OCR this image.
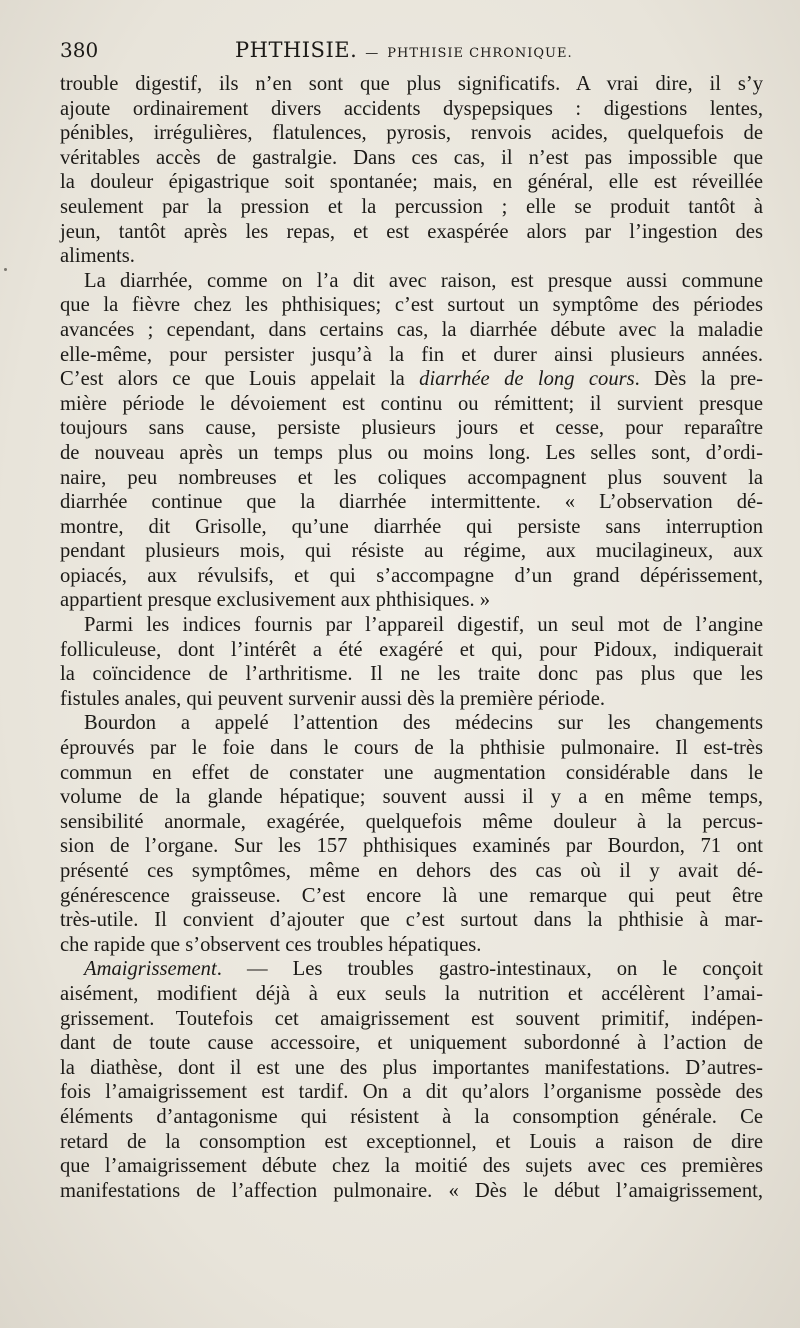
380	PHTHISIE. — PHTHISIE CHRONIQUE.
trouble digestif, ils n’en sont que plus significatifs. A vrai dire, il s’y
ajoute ordinairement divers accidents dyspepsiques : digestions lentes,
pénibles, irrégulières, flatulences, pyrosis, renvois acides, quelquefois de
véritables accès de gastralgie. Dans ces cas, il n’est pas impossible que
la douleur épigastrique soit spontanée; mais, en général, elle est réveillée
seulement par la pression et la percussion ; elle se produit tantôt à
jeun, tantôt après les repas, et est exaspérée alors par l’ingestion des
aliments.
La diarrhée, comme on l’a dit avec raison, est presque aussi commune
que la fièvre chez les phthisiques; c’est surtout un symptôme des périodes
avancées ; cependant, dans certains cas, la diarrhée débute avec la maladie
elle-même, pour persister jusqu’à la fin et durer ainsi plusieurs années.
C’est alors ce que Louis appelait la diarrhée de long cours. Dès la pre-
mière période le dévoiement est continu ou rémittent; il survient presque
toujours sans cause, persiste plusieurs jours et cesse, pour reparaître
de nouveau après un temps plus ou moins long. Les selles sont, d’ordi-
naire, peu nombreuses et les coliques accompagnent plus souvent la
diarrhée continue que la diarrhée intermittente. « L’observation dé-
montre, dit Grisolle, qu’une diarrhée qui persiste sans interruption
pendant plusieurs mois, qui résiste au régime, aux mucilagineux, aux
opiacés, aux révulsifs, et qui s’accompagne d’un grand dépérissement,
appartient presque exclusivement aux phthisiques. »
Parmi les indices fournis par l’appareil digestif, un seul mot de l’angine
folliculeuse, dont l’intérêt a été exagéré et qui, pour Pidoux, indiquerait
la coïncidence de l’arthritisme. Il ne les traite donc pas plus que les
fistules anales, qui peuvent survenir aussi dès la première période.
Bourdon a appelé l’attention des médecins sur les changements
éprouvés par le foie dans le cours de la phthisie pulmonaire. Il est-très
commun en effet de constater une augmentation considérable dans le
volume de la glande hépatique; souvent aussi il y a en même temps,
sensibilité anormale, exagérée, quelquefois même douleur à la percus-
sion de l’organe. Sur les 157 phthisiques examinés par Bourdon, 71 ont
présenté ces symptômes, même en dehors des cas où il y avait dé-
générescence graisseuse. C’est encore là une remarque qui peut être
très-utile. Il convient d’ajouter que c’est surtout dans la phthisie à mar-
che rapide que s’observent ces troubles hépatiques.
Amaigrissement. — Les troubles gastro-intestinaux, on le conçoit
aisément, modifient déjà à eux seuls la nutrition et accélèrent l’amai-
grissement. Toutefois cet amaigrissement est souvent primitif, indépen-
dant de toute cause accessoire, et uniquement subordonné à l’action de
la diathèse, dont il est une des plus importantes manifestations. D’autres-
fois l’amaigrissement est tardif. On a dit qu’alors l’organisme possède des
éléments d’antagonisme qui résistent à la consomption générale. Ce
retard de la consomption est exceptionnel, et Louis a raison de dire
que l’amaigrissement débute chez la moitié des sujets avec ces premières
manifestations de l’affection pulmonaire. « Dès le début l’amaigrissement,
